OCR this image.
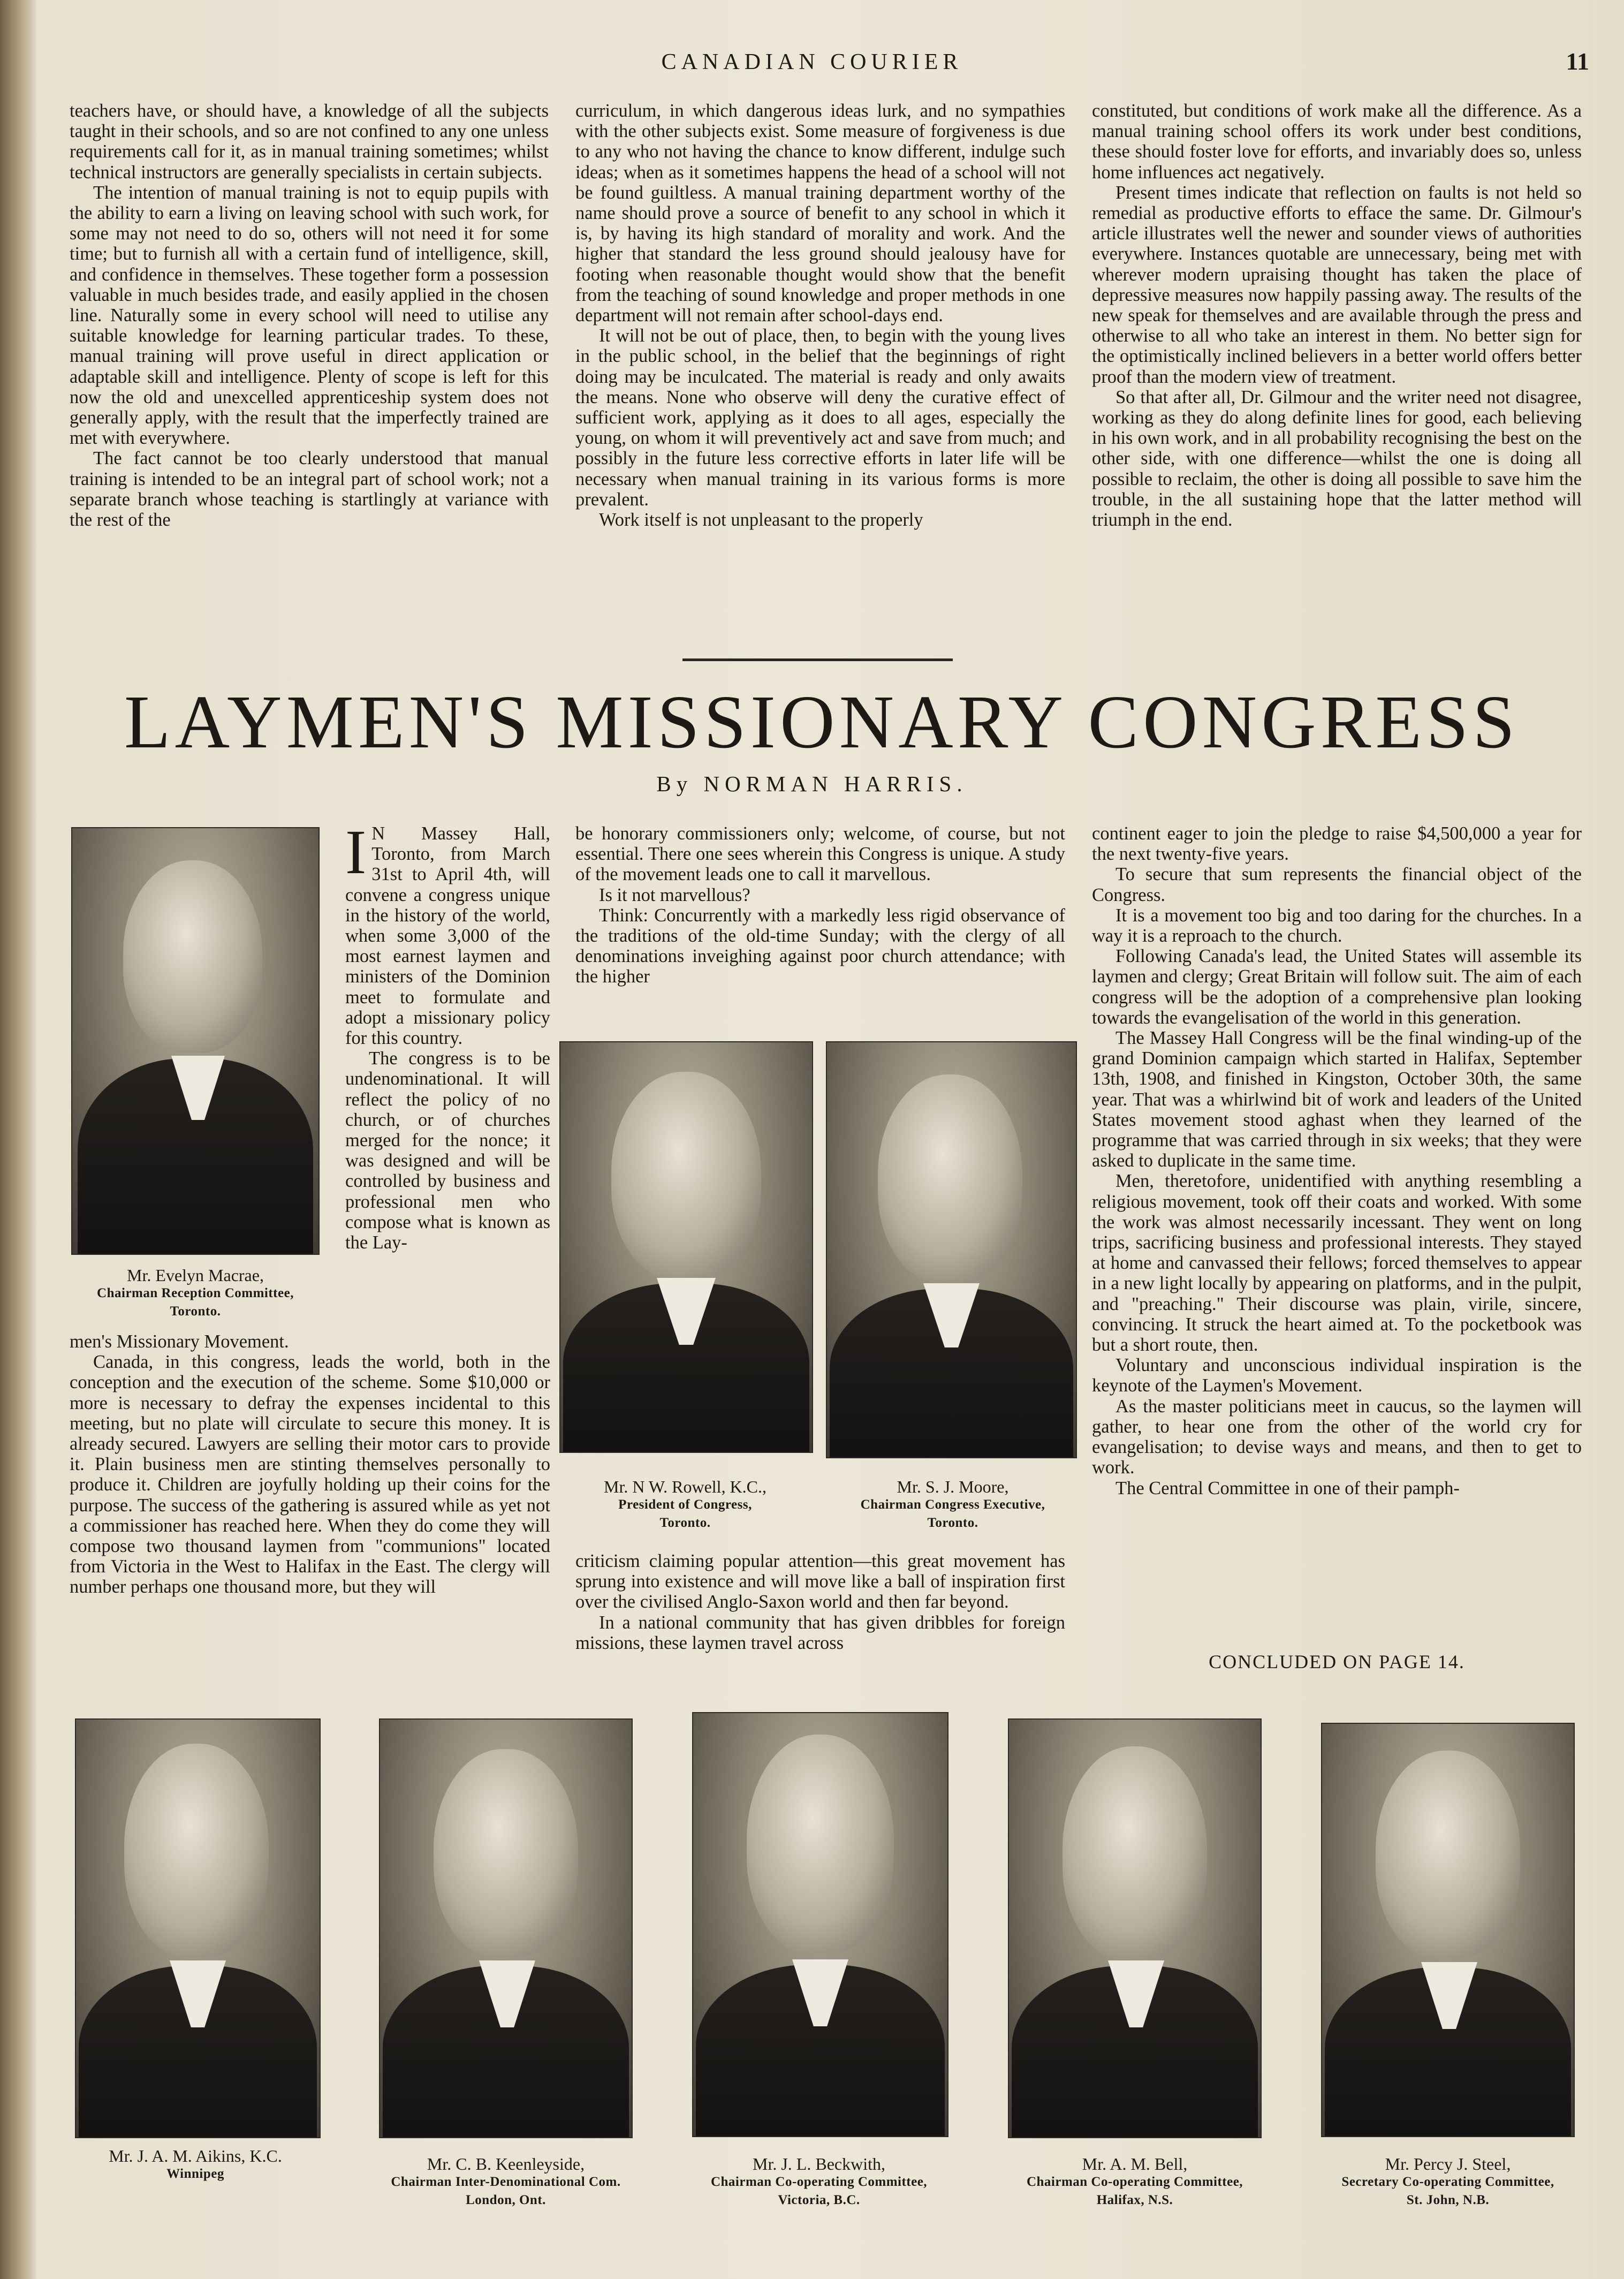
CANADIAN COURIER	11

teachers have, or should have, a knowledge of all the subjects taught in their schools, and so are not confined to any one unless requirements call for it, as in manual training sometimes; whilst technical instructors are generally specialists in certain subjects.

The intention of manual training is not to equip pupils with the ability to earn a living on leaving school with such work, for some may not need to do so, others will not need it for some time; but to furnish all with a certain fund of intelligence, skill, and confidence in themselves. These together form a possession valuable in much besides trade, and easily applied in the chosen line. Naturally some in every school will need to utilise any suitable knowledge for learning particular trades. To these, manual training will prove useful in direct application or adaptable skill and intelligence. Plenty of scope is left for this now the old and unexcelled apprenticeship system does not generally apply, with the result that the imperfectly trained are met with everywhere.

The fact cannot be too clearly understood that manual training is intended to be an integral part of school work; not a separate branch whose teaching is startlingly at variance with the rest of the

curriculum, in which dangerous ideas lurk, and no sympathies with the other subjects exist. Some measure of forgiveness is due to any who not having the chance to know different, indulge such ideas; when as it sometimes happens the head of a school will not be found guiltless. A manual training department worthy of the name should prove a source of benefit to any school in which it is, by having its high standard of morality and work. And the higher that standard the less ground should jealousy have for footing when reasonable thought would show that the benefit from the teaching of sound knowledge and proper methods in one department will not remain after school-days end.

It will not be out of place, then, to begin with the young lives in the public school, in the belief that the beginnings of right doing may be inculcated. The material is ready and only awaits the means. None who observe will deny the curative effect of sufficient work, applying as it does to all ages, especially the young, on whom it will preventively act and save from much; and possibly in the future less corrective efforts in later life will be necessary when manual training in its various forms is more prevalent.

Work itself is not unpleasant to the properly

constituted, but conditions of work make all the difference. As a manual training school offers its work under best conditions, these should foster love for efforts, and invariably does so, unless home influences act negatively.

Present times indicate that reflection on faults is not held so remedial as productive efforts to efface the same. Dr. Gilmour's article illustrates well the newer and sounder views of authorities everywhere. Instances quotable are unnecessary, being met with wherever modern upraising thought has taken the place of depressive measures now happily passing away. The results of the new speak for themselves and are available through the press and otherwise to all who take an interest in them. No better sign for the optimistically inclined believers in a better world offers better proof than the modern view of treatment.

So that after all, Dr. Gilmour and the writer need not disagree, working as they do along definite lines for good, each believing in his own work, and in all probability recognising the best on the other side, with one difference—whilst the one is doing all possible to reclaim, the other is doing all possible to save him the trouble, in the all sustaining hope that the latter method will triumph in the end.

LAYMEN'S MISSIONARY CONGRESS
By NORMAN HARRIS.
Mr. Evelyn Macrae,
Chairman Reception Committee,
Toronto.

I N Massey Hall, Toronto, from March 31st to April 4th, will convene a congress unique in the history of the world, when some 3,000 of the most earnest laymen and ministers of the Dominion meet to formulate and adopt a missionary policy for this country.

The congress is to be undenominational. It will reflect the policy of no church, or of churches merged for the nonce; it was designed and will be controlled by business and professional men who compose what is known as the Lay-

men's Missionary Movement.

Canada, in this congress, leads the world, both in the conception and the execution of the scheme. Some $10,000 or more is necessary to defray the expenses incidental to this meeting, but no plate will circulate to secure this money. It is already secured. Lawyers are selling their motor cars to provide it. Plain business men are stinting themselves personally to produce it. Children are joyfully holding up their coins for the purpose. The success of the gathering is assured while as yet not a commissioner has reached here. When they do come they will compose two thousand laymen from "communions" located from Victoria in the West to Halifax in the East. The clergy will number perhaps one thousand more, but they will

be honorary commissioners only; welcome, of course, but not essential. There one sees wherein this Congress is unique. A study of the movement leads one to call it marvellous.

Is it not marvellous?

Think: Concurrently with a markedly less rigid observance of the traditions of the old-time Sunday; with the clergy of all denominations inveighing against poor church attendance; with the higher

Mr. N W. Rowell, K.C.,
President of Congress,
Toronto.
Mr. S. J. Moore,
Chairman Congress Executive,
Toronto.

criticism claiming popular attention—this great movement has sprung into existence and will move like a ball of inspiration first over the civilised Anglo-Saxon world and then far beyond.

In a national community that has given dribbles for foreign missions, these laymen travel across

continent eager to join the pledge to raise $4,500,000 a year for the next twenty-five years.

To secure that sum represents the financial object of the Congress.

It is a movement too big and too daring for the churches. In a way it is a reproach to the church.

Following Canada's lead, the United States will assemble its laymen and clergy; Great Britain will follow suit. The aim of each congress will be the adoption of a comprehensive plan looking towards the evangelisation of the world in this generation.

The Massey Hall Congress will be the final winding-up of the grand Dominion campaign which started in Halifax, September 13th, 1908, and finished in Kingston, October 30th, the same year. That was a whirlwind bit of work and leaders of the United States movement stood aghast when they learned of the programme that was carried through in six weeks; that they were asked to duplicate in the same time.

Men, theretofore, unidentified with anything resembling a religious movement, took off their coats and worked. With some the work was almost necessarily incessant. They went on long trips, sacrificing business and professional interests. They stayed at home and canvassed their fellows; forced themselves to appear in a new light locally by appearing on platforms, and in the pulpit, and "preaching." Their discourse was plain, virile, sincere, convincing. It struck the heart aimed at. To the pocketbook was but a short route, then.

Voluntary and unconscious individual inspiration is the keynote of the Laymen's Movement.

As the master politicians meet in caucus, so the laymen will gather, to hear one from the other of the world cry for evangelisation; to devise ways and means, and then to get to work.

The Central Committee in one of their pamph-

CONCLUDED ON PAGE 14.
Mr. J. A. M. Aikins, K.C.
Winnipeg
Mr. C. B. Keenleyside,
Chairman Inter-Denominational Com.
London, Ont.
Mr. J. L. Beckwith,
Chairman Co-operating Committee,
Victoria, B.C.
Mr. A. M. Bell,
Chairman Co-operating Committee,
Halifax, N.S.
Mr. Percy J. Steel,
Secretary Co-operating Committee,
St. John, N.B.
